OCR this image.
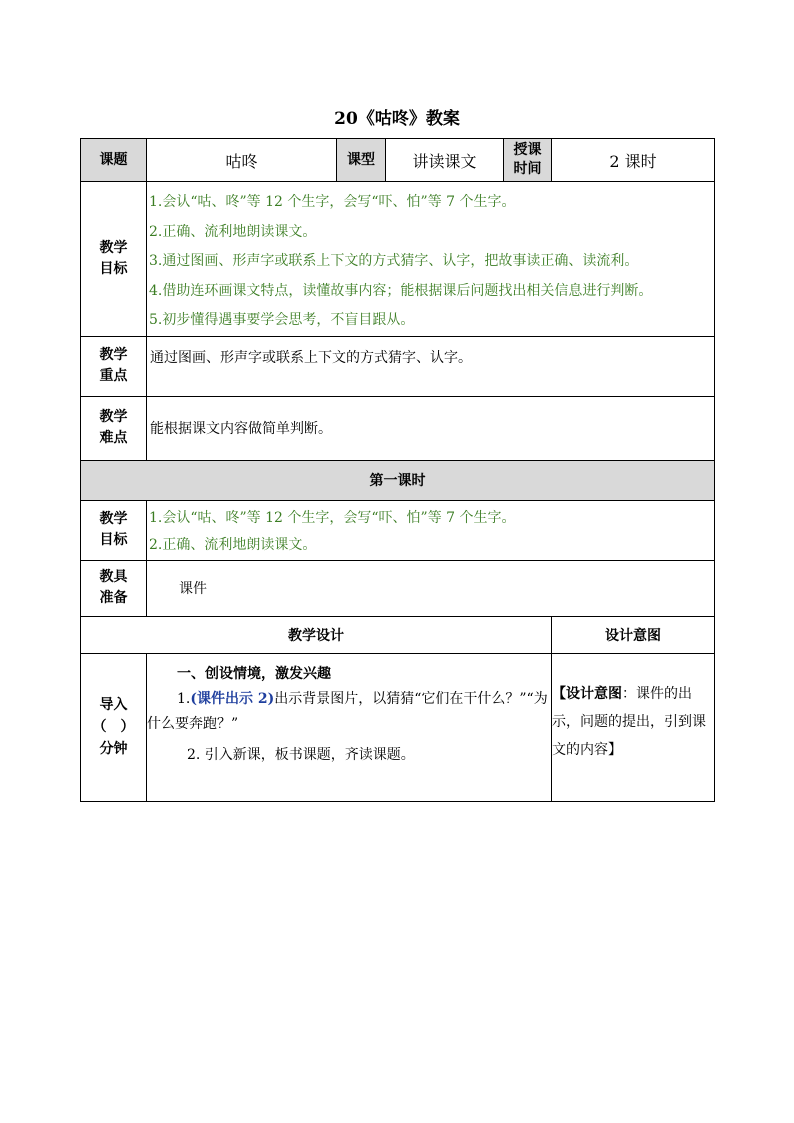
20《咕咚》教案
课题	咕咚	课型	讲读课文	授课时间	2 课时
教学目标	1.会认“咕、咚”等 12 个生字，会写“吓、怕”等 7 个生字。
2.正确、流利地朗读课文。
3.通过图画、形声字或联系上下文的方式猜字、认字，把故事读正确、读流利。
4.借助连环画课文特点，读懂故事内容；能根据课后问题找出相关信息进行判断。
5.初步懂得遇事要学会思考，不盲目跟从。				

教学重点	通过图画、形声字或联系上下文的方式猜字、认字。				
教学难点	能根据课文内容做简单判断。				
第一课时					
教学目标	1.会认“咕、咚”等 12 个生字，会写“吓、怕”等 7 个生字。
2.正确、流利地朗读课文。				

教具准备	课件				
教学设计					设计意图
导入（　）分钟	一、创设情境，激发兴趣
1.(课件出示 2)出示背景图片，以猜猜“它们在干什么？”“为什么要奔跑？”
2. 引入新课，板书课题，齐读课题。				【设计意图：课件的出示，问题的提出，引到课文的内容】
